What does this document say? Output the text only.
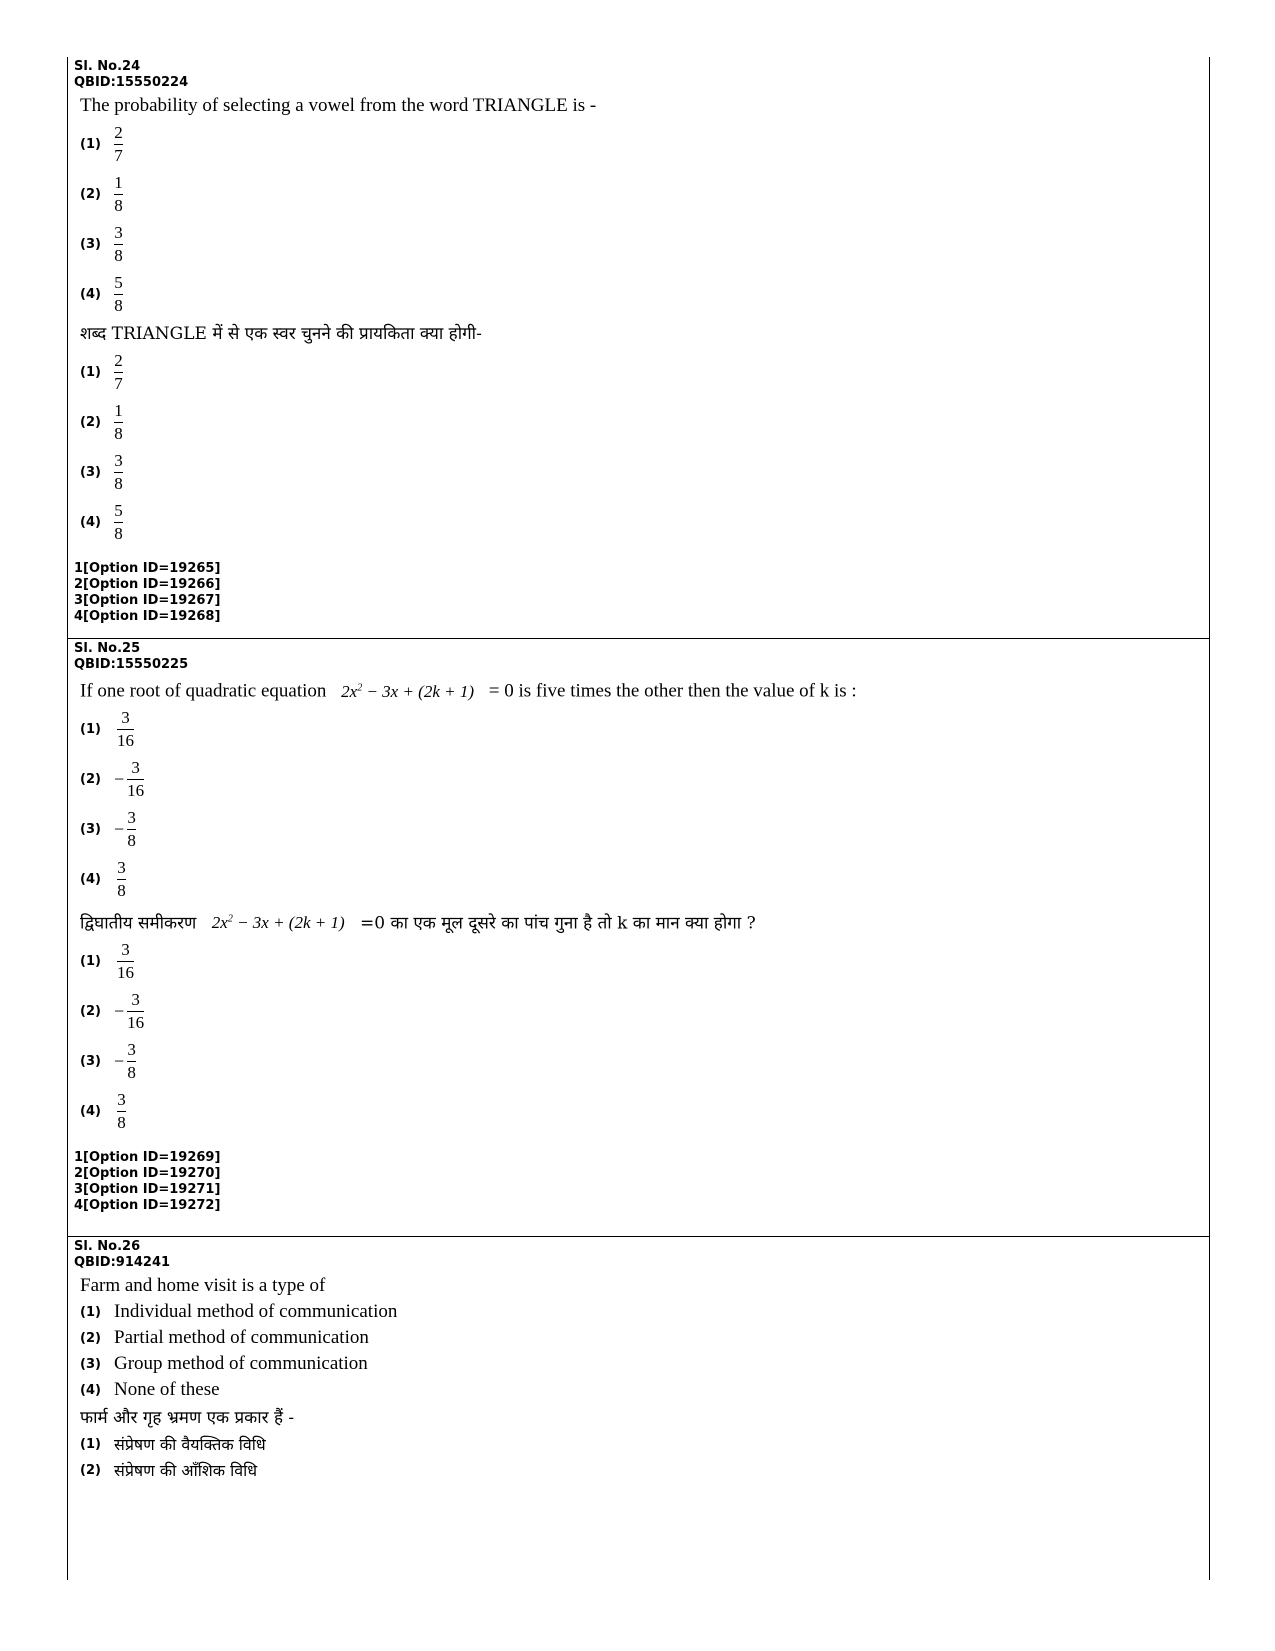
Sl. No.24
QBID:15550224
The probability of selecting a vowel from the word TRIANGLE is -
$(1) \frac{2}{7}$
$(2) \frac{1}{8}$
$(3) \frac{3}{8}$
$(4) \frac{5}{8}$
शब्द TRIANGLE में से एक स्वर चुनने की प्रायकिता क्या होगी-
$(1) \frac{2}{7}$
$(2) \frac{1}{8}$
$(3) \frac{3}{8}$
$(4) \frac{5}{8}$
1[Option ID=19265]
2[Option ID=19266]
3[Option ID=19267]
4[Option ID=19268]
Sl. No.25
QBID:15550225
If one root of quadratic equation $2x^2 - 3x + (2k + 1) = 0$ is five times the other then the value of k is :
$(1) \frac{3}{16}$
$(2) - \frac{3}{16}$
$(3) - \frac{3}{8}$
$(4) \frac{3}{8}$
द्विघातीय समीकरण $2x^2 - 3x + (2k + 1) =0$ का एक मूल दूसरे का पांच गुना है तो k का मान क्या होगा ?
$(1) \frac{3}{16}$
$(2) - \frac{3}{16}$
$(3) - \frac{3}{8}$
$(4) \frac{3}{8}$
1[Option ID=19269]
2[Option ID=19270]
3[Option ID=19271]
4[Option ID=19272]
Sl. No.26
QBID:914241
Farm and home visit is a type of
(1) Individual method of communication
(2) Partial method of communication
(3) Group method of communication
(4) None of these
फार्म और गृह भ्रमण एक प्रकार हैं -
(1) संप्रेषण की वैयक्तिक विधि
(2) संप्रेषण की आँशिक विधि
